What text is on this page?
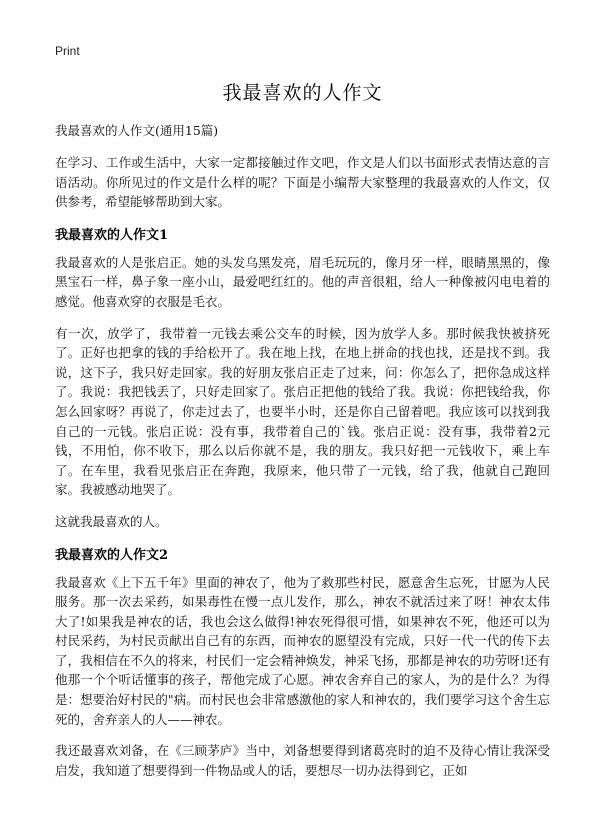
Print
我最喜欢的人作文
我最喜欢的人作文(通用15篇)

在学习、工作或生活中，大家一定都接触过作文吧，作文是人们以书面形式表情达意的言语活动。你所见过的作文是什么样的呢？下面是小编帮大家整理的我最喜欢的人作文，仅供参考，希望能够帮助到大家。

我最喜欢的人作文1

我最喜欢的人是张启正。她的头发乌黑发亮，眉毛玩玩的，像月牙一样，眼睛黑黑的，像黑宝石一样，鼻子象一座小山，最爱吧红红的。他的声音很粗，给人一种像被闪电电着的感觉。他喜欢穿的衣服是毛衣。

有一次，放学了，我带着一元钱去乘公交车的时候，因为放学人多。那时候我快被挤死了。正好也把拿的钱的手给松开了。我在地上找，在地上拼命的找也找，还是找不到。我说，这下子，我只好走回家。我的好朋友张启正走了过来，问：你怎么了，把你急成这样了。我说：我把钱丢了，只好走回家了。张启正把他的钱给了我。我说：你把钱给我，你怎么回家呀？再说了，你走过去了，也要半小时，还是你自己留着吧。我应该可以找到我自己的一元钱。张启正说：没有事，我带着自己的`钱。张启正说：没有事，我带着2元钱，不用怕，你不收下，那么以后你就不是，我的朋友。我只好把一元钱收下，乘上车了。在车里，我看见张启正在奔跑，我原来，他只带了一元钱，给了我，他就自己跑回家。我被感动地哭了。

这就我最喜欢的人。

我最喜欢的人作文2

我最喜欢《上下五千年》里面的神农了，他为了救那些村民，愿意舍生忘死，甘愿为人民服务。那一次去采药，如果毒性在慢一点儿发作，那么，神农不就活过来了呀！神农太伟大了!如果我是神农的话，我也会这么做得!神农死得很可惜，如果神农不死，他还可以为村民采药，为村民贡献出自己有的东西，而神农的愿望没有完成，只好一代一代的传下去了，我相信在不久的将来，村民们一定会精神焕发，神采飞扬，那都是神农的功劳呀!还有他那一个个听话懂事的孩子，帮他完成了心愿。神农舍弃自己的家人，为的是什么？为得是：想要治好村民的"病。而村民也会非常感激他的家人和神农的，我们要学习这个舍生忘死的，舍弃亲人的人——神农。

我还最喜欢刘备，在《三顾茅庐》当中，刘备想要得到诸葛亮时的迫不及待心情让我深受启发，我知道了想要得到一件物品或人的话，要想尽一切办法得到它，正如
